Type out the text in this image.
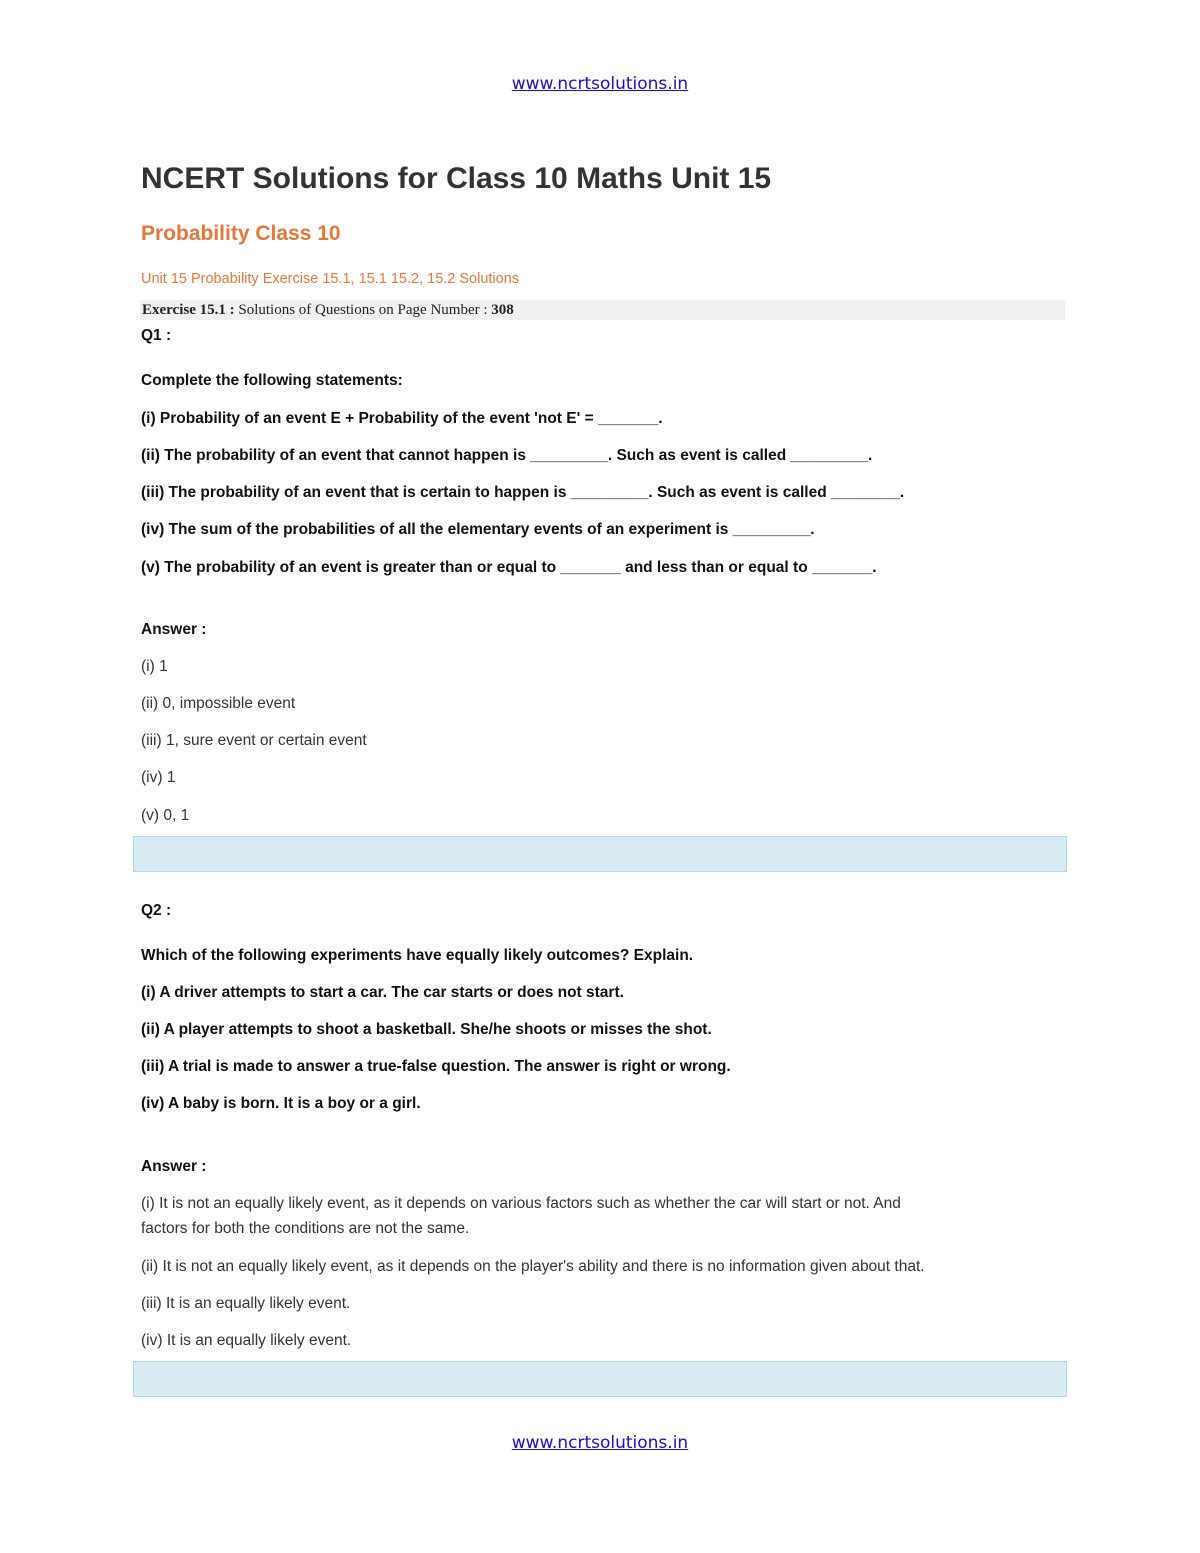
www.ncrtsolutions.in
NCERT Solutions for Class 10 Maths Unit 15
Probability Class 10
Unit 15 Probability Exercise 15.1, 15.1 15.2, 15.2 Solutions
Exercise 15.1 : Solutions of Questions on Page Number : 308
Q1 :
Complete the following statements:
(i) Probability of an event E + Probability of the event 'not E' = _______.
(ii) The probability of an event that cannot happen is _________. Such as event is called _________.
(iii) The probability of an event that is certain to happen is _________. Such as event is called ________.
(iv) The sum of the probabilities of all the elementary events of an experiment is _________.
(v) The probability of an event is greater than or equal to _______ and less than or equal to _______.
Answer :
(i) 1
(ii) 0, impossible event
(iii) 1, sure event or certain event
(iv) 1
(v) 0, 1
Q2 :
Which of the following experiments have equally likely outcomes? Explain.
(i) A driver attempts to start a car. The car starts or does not start.
(ii) A player attempts to shoot a basketball. She/he shoots or misses the shot.
(iii) A trial is made to answer a true-false question. The answer is right or wrong.
(iv) A baby is born. It is a boy or a girl.
Answer :
(i) It is not an equally likely event, as it depends on various factors such as whether the car will start or not. And
factors for both the conditions are not the same.
(ii) It is not an equally likely event, as it depends on the player's ability and there is no information given about that.
(iii) It is an equally likely event.
(iv) It is an equally likely event.
www.ncrtsolutions.in
